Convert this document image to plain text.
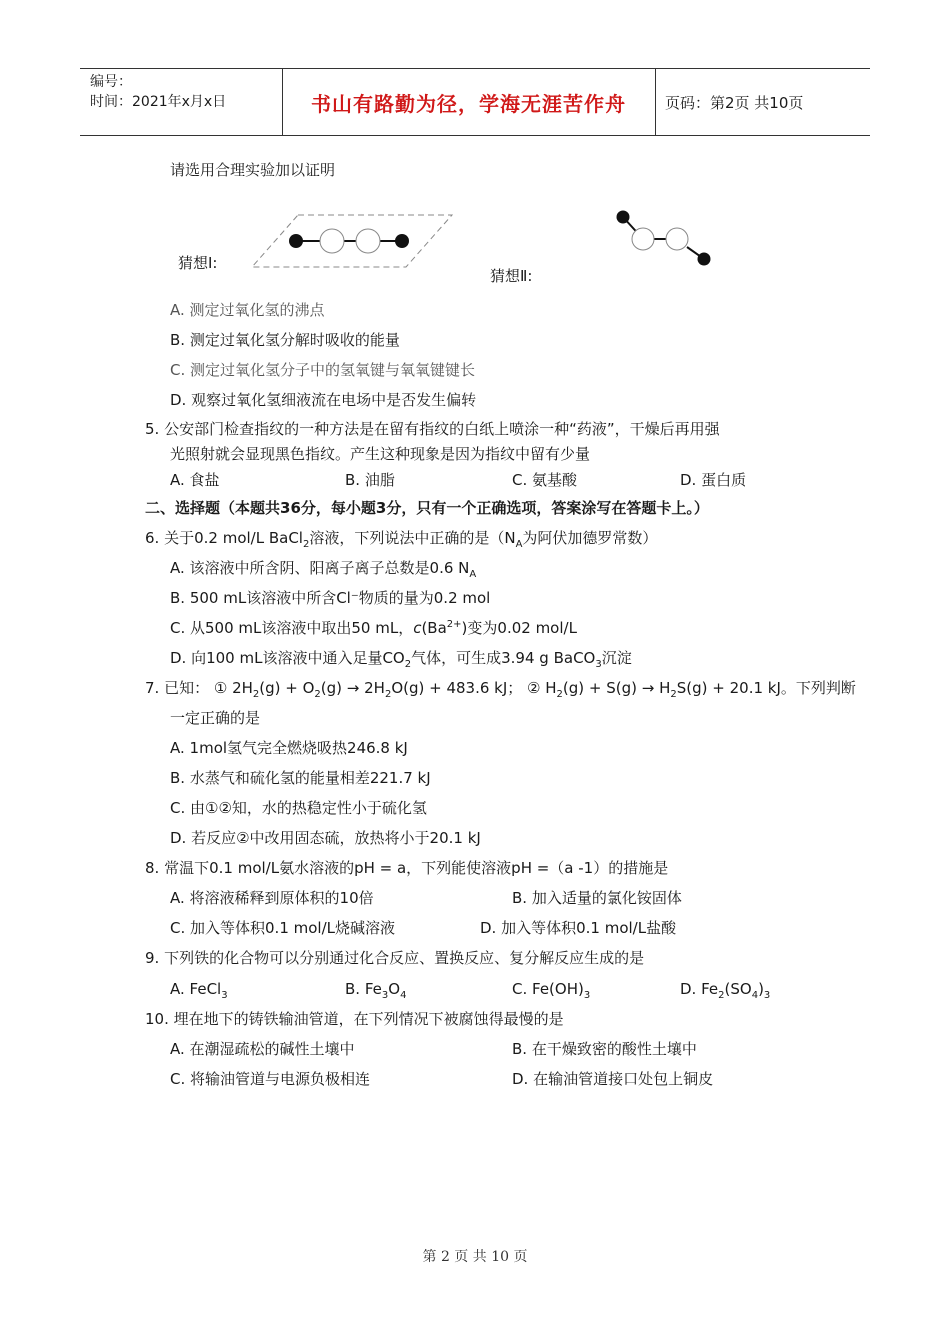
编号：
时间：2021年x月x日	书山有路勤为径，学海无涯苦作舟	页码：第2页 共10页
请选用合理实验加以证明
猜想Ⅰ:
猜想Ⅱ:
A. 测定过氧化氢的沸点
B. 测定过氧化氢分解时吸收的能量
C. 测定过氧化氢分子中的氢氧键与氧氧键键长
D. 观察过氧化氢细液流在电场中是否发生偏转
5. 公安部门检查指纹的一种方法是在留有指纹的白纸上喷涂一种“药液”，干燥后再用强
光照射就会显现黑色指纹。产生这种现象是因为指纹中留有少量
A. 食盐	B. 油脂	C. 氨基酸	D. 蛋白质
二、选择题（本题共36分，每小题3分，只有一个正确选项，答案涂写在答题卡上。）
6. 关于0.2 mol/L BaCl$_2$溶液，下列说法中正确的是（$N_A$为阿伏加德罗常数）
A. 该溶液中所含阴、阳离子离子总数是0.6 $N_A$
B. 500 mL该溶液中所含Cl⁻物质的量为0.2 mol
C. 从500 mL该溶液中取出50 mL，$c(Ba^{2+})$变为0.02 mol/L
D. 向100 mL该溶液中通入足量$CO_2$气体，可生成3.94 g BaCO$_3$沉淀
7. 已知： ① $2H_2(g) + O_2(g) \to 2H_2O(g) + 483.6$ kJ； ② $H_2(g) + S(g) \to H_2S(g) + 20.1$ kJ。下列判断
一定正确的是
A. 1mol氢气完全燃烧吸热246.8 kJ
B. 水蒸气和硫化氢的能量相差221.7 kJ
C. 由①②知，水的热稳定性小于硫化氢
D. 若反应②中改用固态硫，放热将小于20.1 kJ
8. 常温下0.1 mol/L氨水溶液的pH = a，下列能使溶液pH =（a -1）的措施是
A. 将溶液稀释到原体积的10倍	B. 加入适量的氯化铵固体
C. 加入等体积0.1 mol/L烧碱溶液	D. 加入等体积0.1 mol/L盐酸
9. 下列铁的化合物可以分别通过化合反应、置换反应、复分解反应生成的是
A. FeCl$_3$	B. $Fe_3O_4$	C. $Fe(OH)_3$	D. $Fe_2(SO_4)_3$
10. 埋在地下的铸铁输油管道，在下列情况下被腐蚀得最慢的是
A. 在潮湿疏松的碱性土壤中	B. 在干燥致密的酸性土壤中
C. 将输油管道与电源负极相连	D. 在输油管道接口处包上铜皮
第 2 页 共 10 页
